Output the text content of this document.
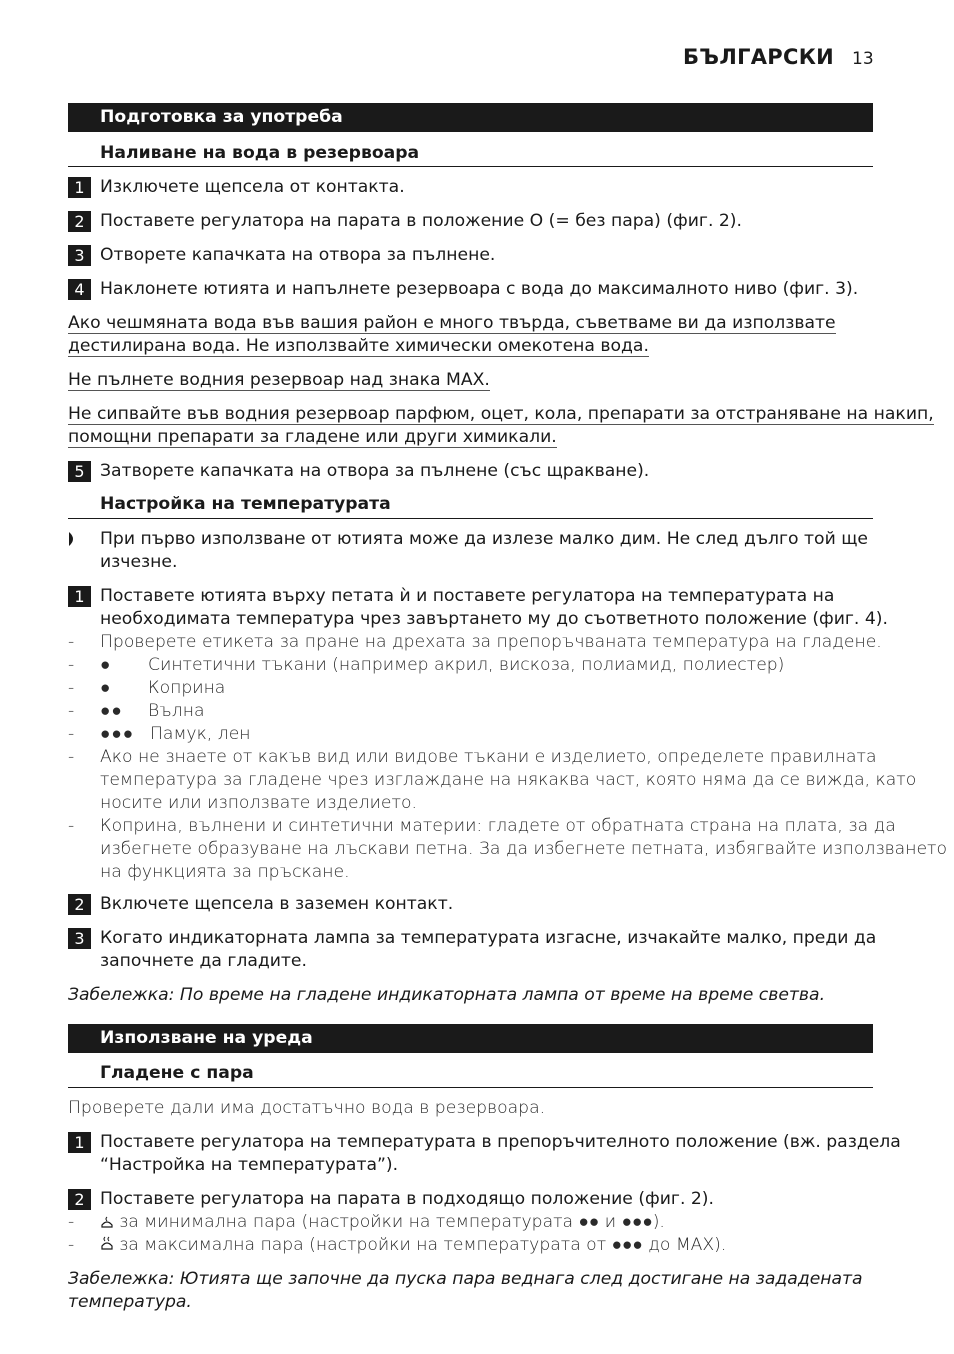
БЪЛГАРСКИ 13
Подготовка за употреба
Наливане на вода в резервоара
1 Изключете щепсела от контакта.
2 Поставете регулатора на парата в положение O (= без пара) (фиг. 2).
3 Отворете капачката на отвора за пълнене.
4 Наклонете ютията и напълнете резервоара с вода до максималното ниво (фиг. 3).
Ако чешмяната вода във вашия район е много твърда, съветваме ви да използвате
дестилирана вода. Не използвайте химически омекотена вода.
Не пълнете водния резервоар над знака MAX.
Не сипвайте във водния резервоар парфюм, оцет, кола, препарати за отстраняване на накип,
помощни препарати за гладене или други химикали.
5 Затворете капачката на отвора за пълнене (със щракване).
Настройка на температурата
При първо използване от ютията може да излезе малко дим. Не след дълго той ще
изчезне.
1 Поставете ютията върху петата ѝ и поставете регулатора на температурата на
необходимата температура чрез завъртането му до съответното положение (фиг. 4).
- Проверете етикета за пране на дрехата за препоръчваната температура на гладене.
- ● Синтетични тъкани (например акрил, вискоза, полиамид, полиестер)
- ● Коприна
- ●● Вълна
- ●●● Памук, лен
- Ако не знаете от какъв вид или видове тъкани е изделието, определете правилната
температура за гладене чрез изглаждане на някаква част, която няма да се вижда, като
носите или използвате изделието.
- Коприна, вълнени и синтетични материи: гладете от обратната страна на плата, за да
избегнете образуване на лъскави петна. За да избегнете петната, избягвайте използването
на функцията за пръскане.
2 Включете щепсела в заземен контакт.
3 Когато индикаторната лампа за температурата изгасне, изчакайте малко, преди да
започнете да гладите.
Забележка: По време на гладене индикаторната лампа от време на време светва.
Използване на уреда
Гладене с пара
Проверете дали има достатъчно вода в резервоара.
1 Поставете регулатора на температурата в препоръчителното положение (вж. раздела
“Настройка на температурата”).
2 Поставете регулатора на парата в подходящо положение (фиг. 2).
-	за минимална пара (настройки на температурата ●● и ●●●).
-	за максимална пара (настройки на температурата от ●●● до MAX).
Забележка: Ютията ще започне да пуска пара веднага след достигане на зададената
температура.
